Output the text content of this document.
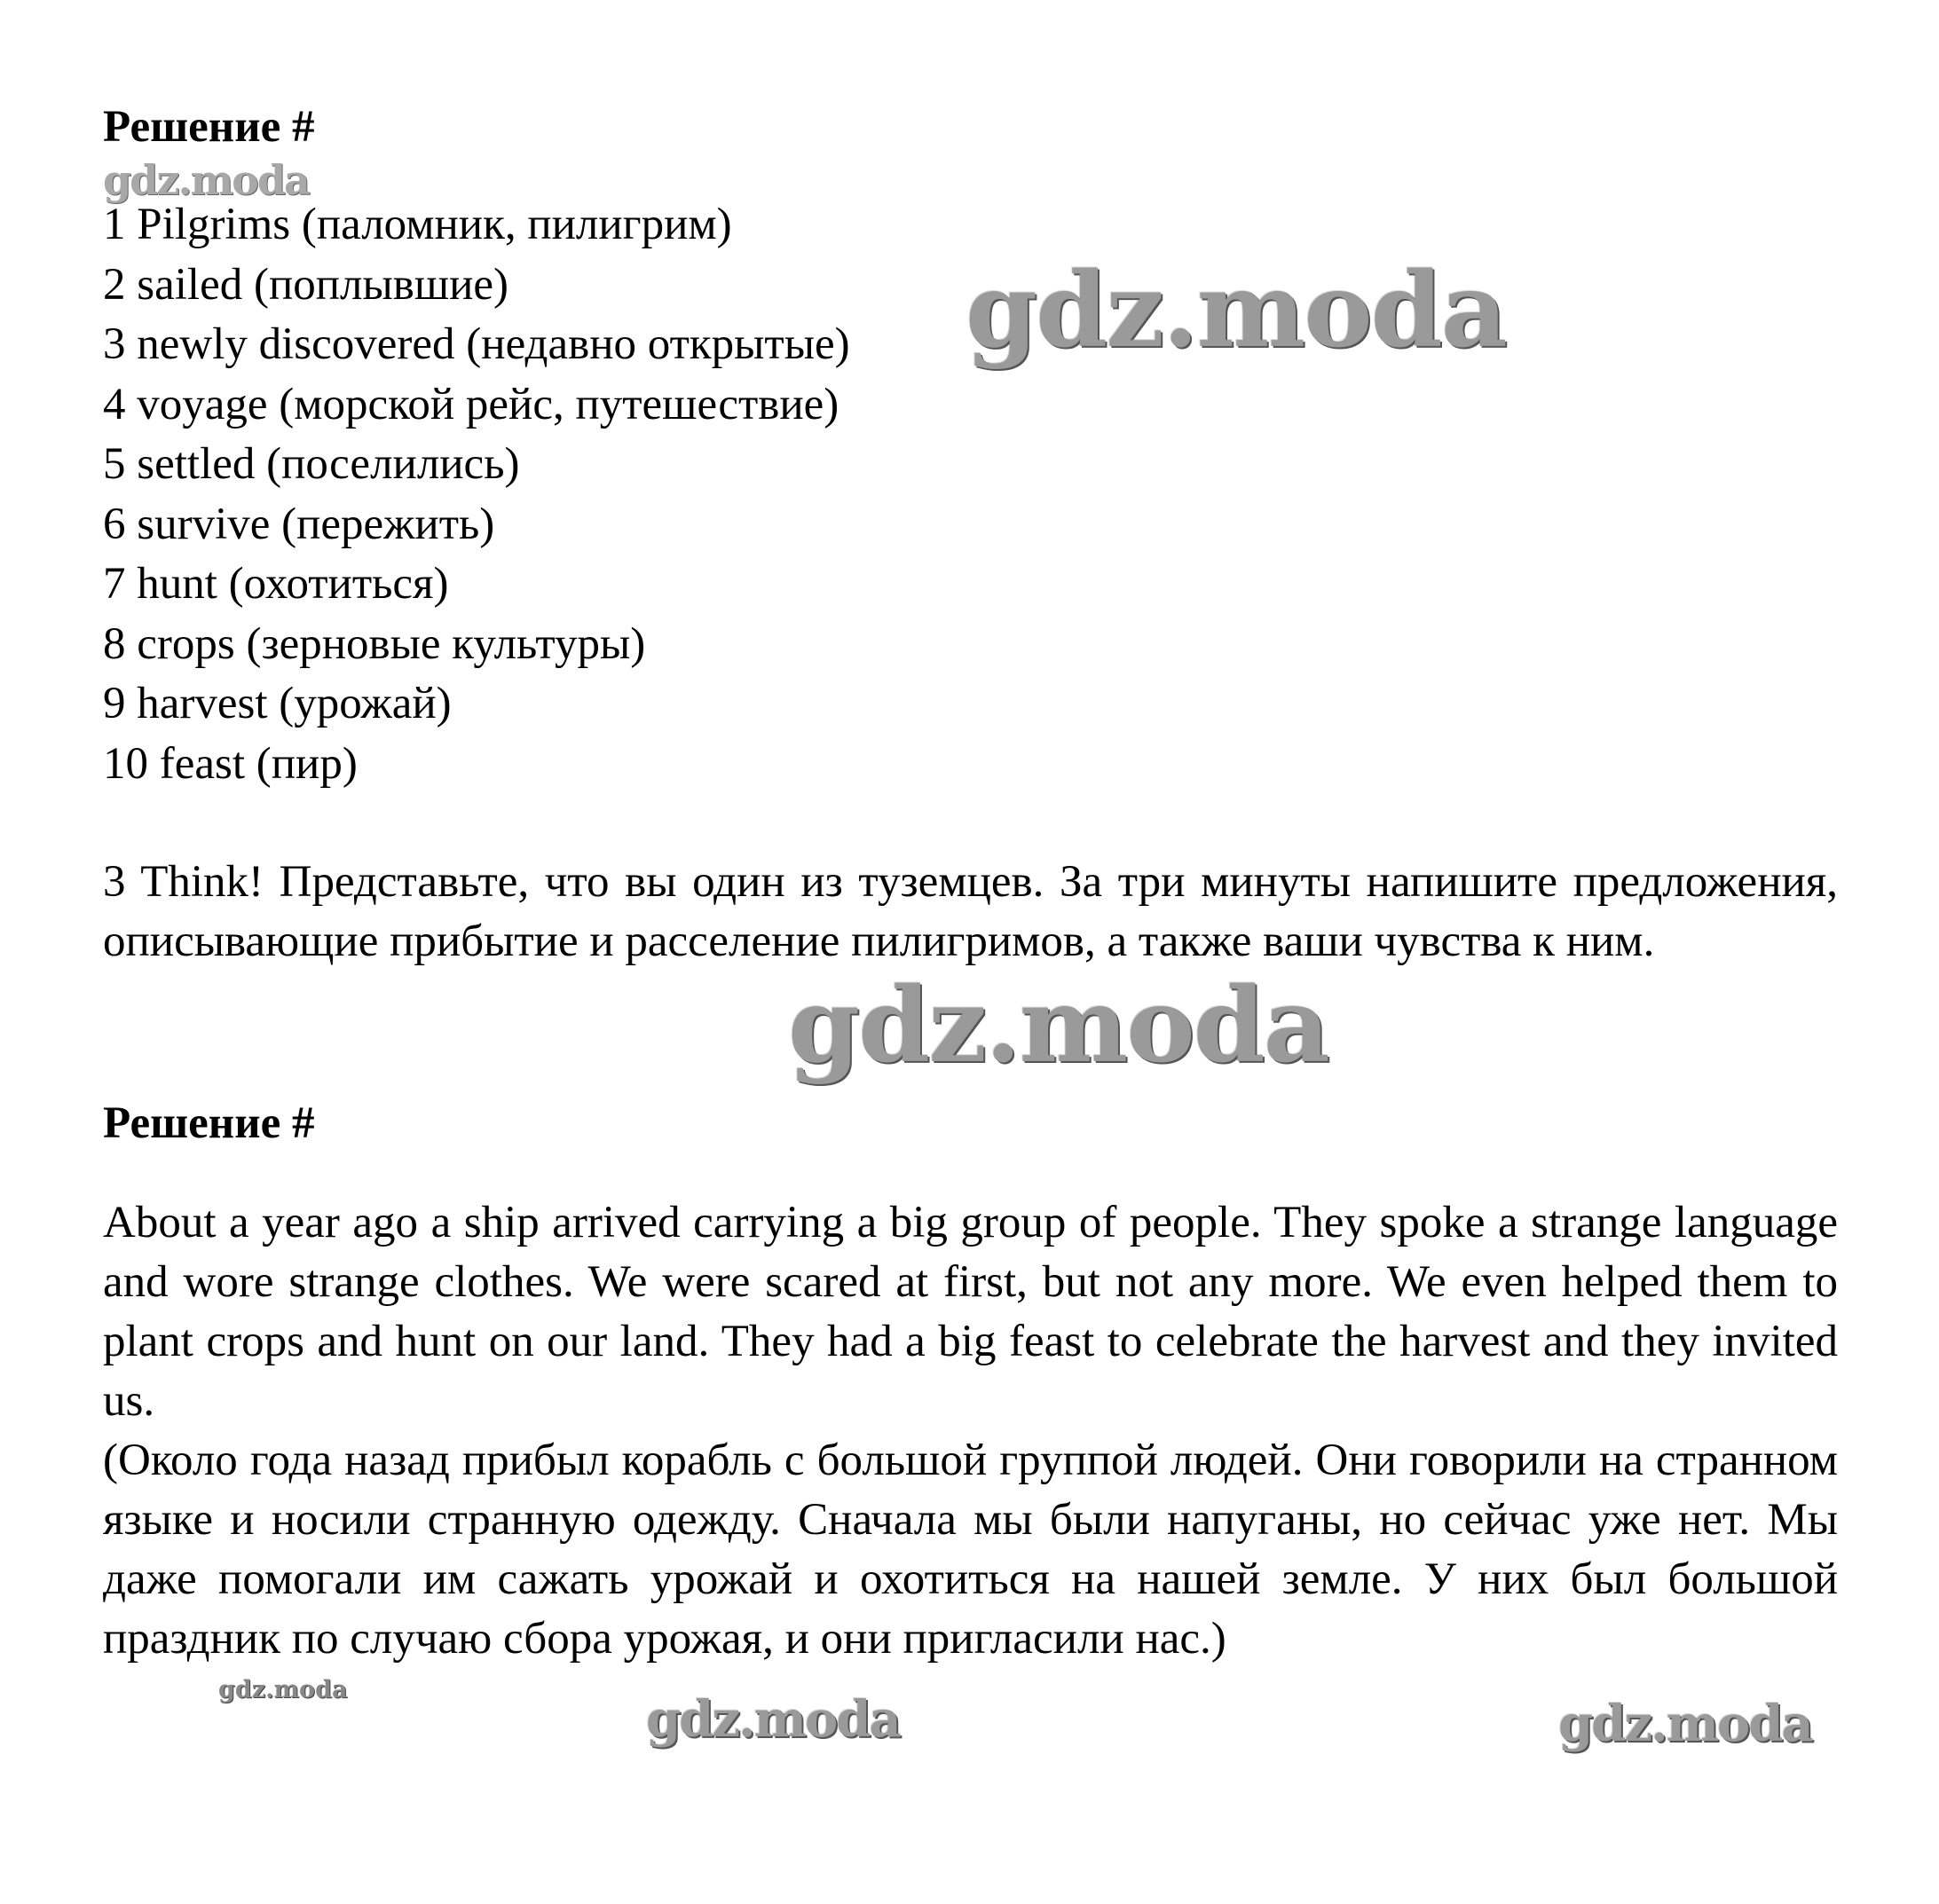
Решение #
1 Pilgrims (паломник, пилигрим)
2 sailed (поплывшие)
3 newly discovered (недавно открытые)
4 voyage (морской рейс, путешествие)
5 settled (поселились)
6 survive (пережить)
7 hunt (охотиться)
8 crops (зерновые культуры)
9 harvest (урожай)
10 feast (пир)

3 Think! Представьте, что вы один из туземцев. За три минуты напишите предложения, описывающие прибытие и расселение пилигримов, а также ваши чувства к ним.

Решение #

About a year ago a ship arrived carrying a big group of people. They spoke a strange language and wore strange clothes. We were scared at first, but not any more. We even helped them to plant crops and hunt on our land. They had a big feast to celebrate the harvest and they invited us.

(Около года назад прибыл корабль с большой группой людей. Они говорили на странном языке и носили странную одежду. Сначала мы были напуганы, но сейчас уже нет. Мы даже помогали им сажать урожай и охотиться на нашей земле. У них был большой праздник по случаю сбора урожая, и они пригласили нас.)

gdz.moda
gdz.moda
gdz.moda
gdz.moda
gdz.moda	gdz.moda
